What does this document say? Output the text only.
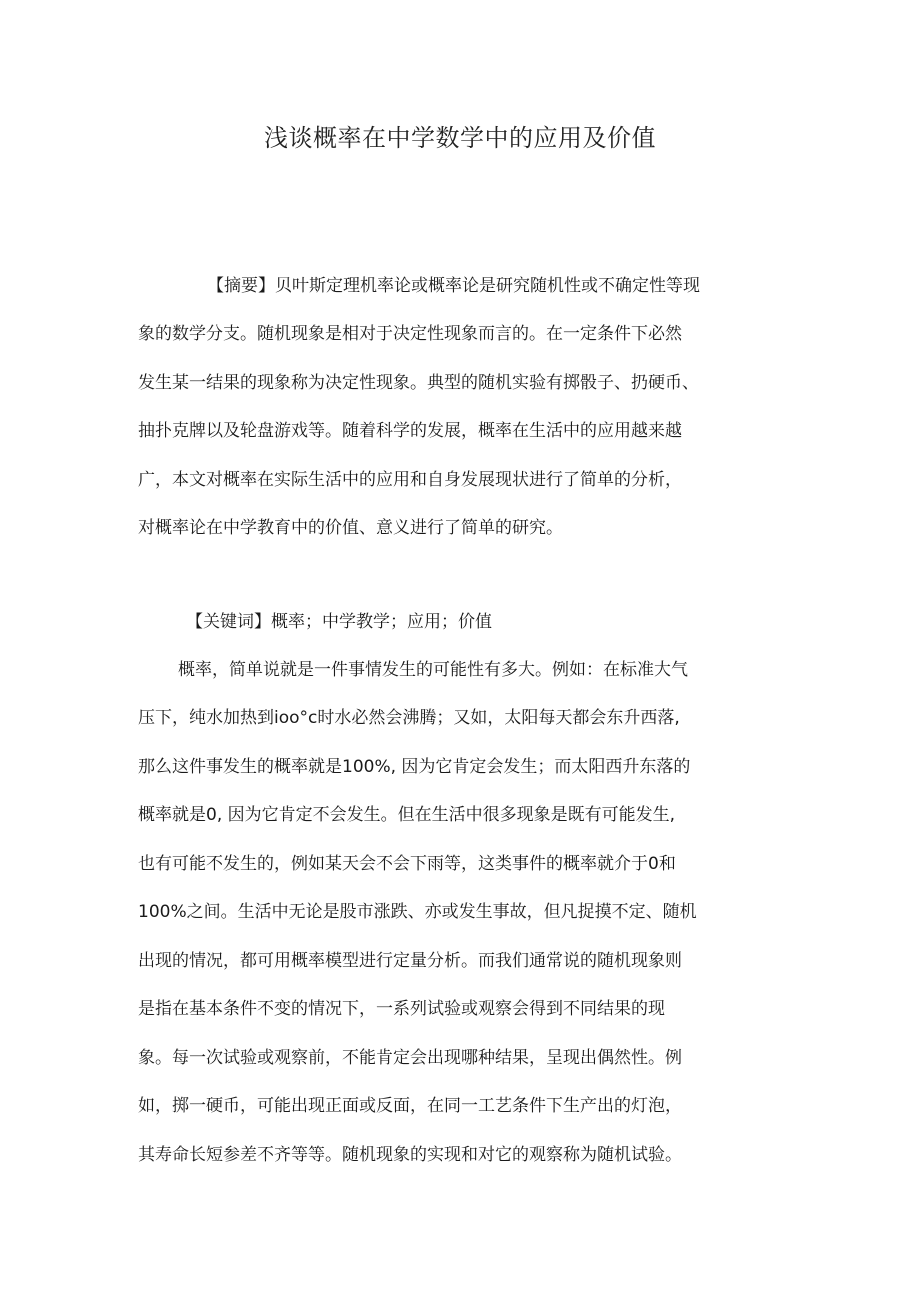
浅谈概率在中学数学中的应用及价值
【摘要】贝叶斯定理机率论或概率论是研究随机性或不确定性等现
象的数学分支。随机现象是相对于决定性现象而言的。在一定条件下必然
发生某一结果的现象称为决定性现象。典型的随机实验有掷骰子、扔硬币、
抽扑克牌以及轮盘游戏等。随着科学的发展，概率在生活中的应用越来越
广，本文对概率在实际生活中的应用和自身发展现状进行了简单的分析，
对概率论在中学教育中的价值、意义进行了简单的研究。
【关键词】概率；中学教学；应用；价值
概率，简单说就是一件事情发生的可能性有多大。例如：在标准大气
压下，纯水加热到ioo°c时水必然会沸腾；又如，太阳每天都会东升西落,
那么这件事发生的概率就是100%, 因为它肯定会发生；而太阳西升东落的
概率就是0, 因为它肯定不会发生。但在生活中很多现象是既有可能发生,
也有可能不发生的，例如某天会不会下雨等，这类事件的概率就介于0和
100%之间。生活中无论是股市涨跌、亦或发生事故，但凡捉摸不定、随机
出现的情况，都可用概率模型进行定量分析。而我们通常说的随机现象则
是指在基本条件不变的情况下，一系列试验或观察会得到不同结果的现
象。每一次试验或观察前，不能肯定会出现哪种结果，呈现出偶然性。例
如，掷一硬币，可能出现正面或反面，在同一工艺条件下生产出的灯泡，
其寿命长短参差不齐等等。随机现象的实现和对它的观察称为随机试验。
